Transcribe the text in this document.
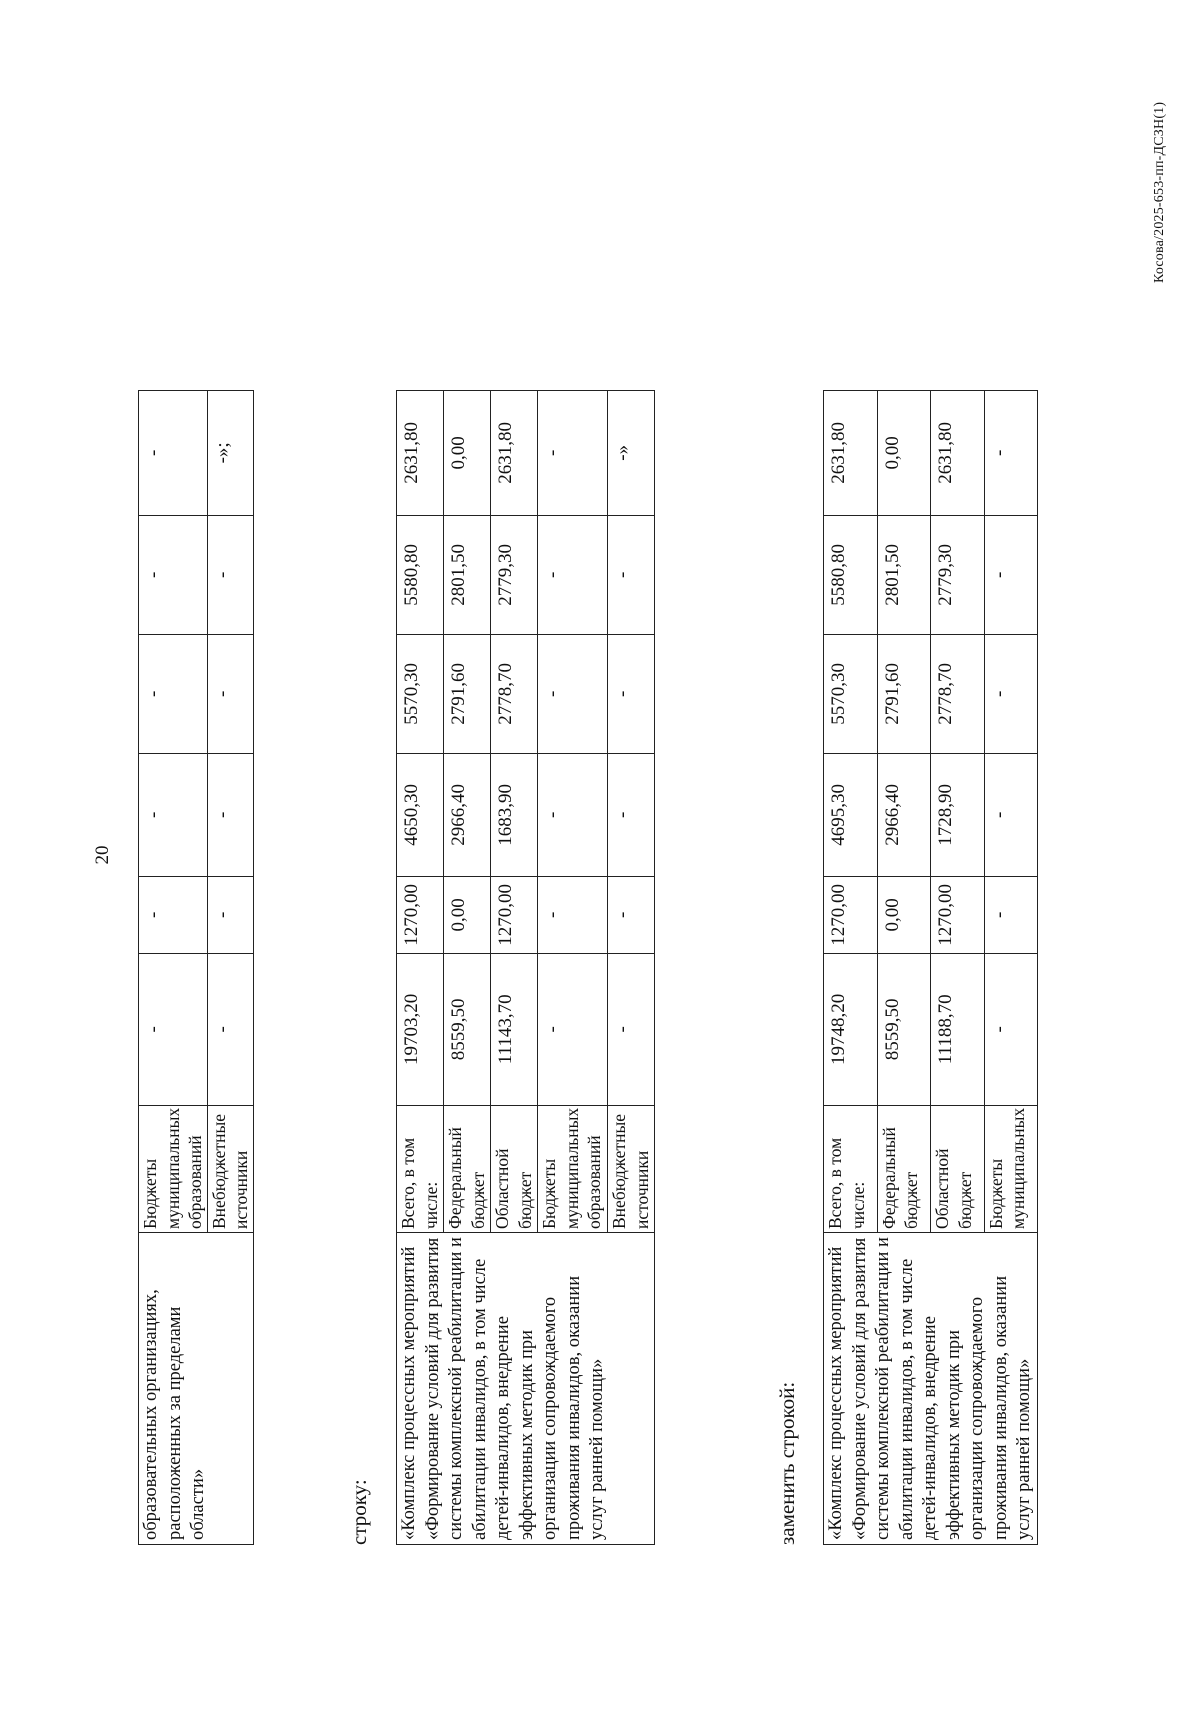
20
образовательных организациях, расположенных за пределами области»	Бюджеты муниципальных образований	-	-	-	-	-	-
	Внебюджетные источники	-	-	-	-	-	-»;
строку: «Комплекс процессных мероприятий «Формирование условий для развития системы комплексной реабилитации и абилитации инвалидов, в том числе детей-инвалидов, внедрение эффективных методик при организации сопровождаемого проживания инвалидов, оказании услуг ранней помощи»	Всего, в том числе:	19703,20	1270,00	4650,30	5570,30	5580,80	2631,80
	Федеральный бюджет	8559,50	0,00	2966,40	2791,60	2801,50	0,00
	Областной бюджет	11143,70	1270,00	1683,90	2778,70	2779,30	2631,80
	Бюджеты муниципальных образований	-	-	-	-	-	-
	Внебюджетные источники	-	-	-	-	-	-»
заменить строкой: «Комплекс процессных мероприятий «Формирование условий для развития системы комплексной реабилитации и абилитации инвалидов, в том числе детей-инвалидов, внедрение эффективных методик при организации сопровождаемого проживания инвалидов, оказании услуг ранней помощи»	Всего, в том числе:	19748,20	1270,00	4695,30	5570,30	5580,80	2631,80
	Федеральный бюджет	8559,50	0,00	2966,40	2791,60	2801,50	0,00
	Областной бюджет	11188,70	1270,00	1728,90	2778,70	2779,30	2631,80
	Бюджеты муниципальных	-	-	-	-	-	-
Косова/2025-653-пп-ДСЗН(1)
